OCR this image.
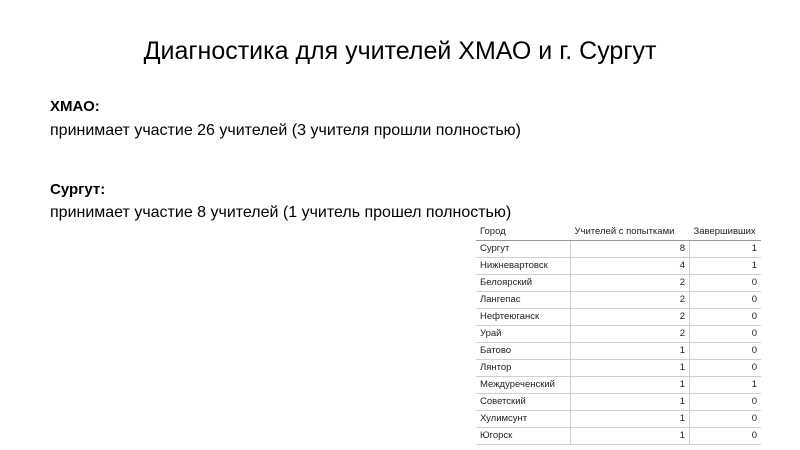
Диагностика для учителей ХМАО и г. Сургут
ХМАО:
принимает участие 26 учителей (3 учителя прошли полностью)
Сургут:
принимает участие 8 учителей (1 учитель прошел полностью)
Город	Учителей с попытками	Завершивших
Сургут	8	1
Нижневартовск	4	1
Белоярский	2	0
Лангепас	2	0
Нефтеюганск	2	0
Урай	2	0
Батово	1	0
Лянтор	1	0
Междуреченский	1	1
Советский	1	0
Хулимсунт	1	0
Югорск	1	0
